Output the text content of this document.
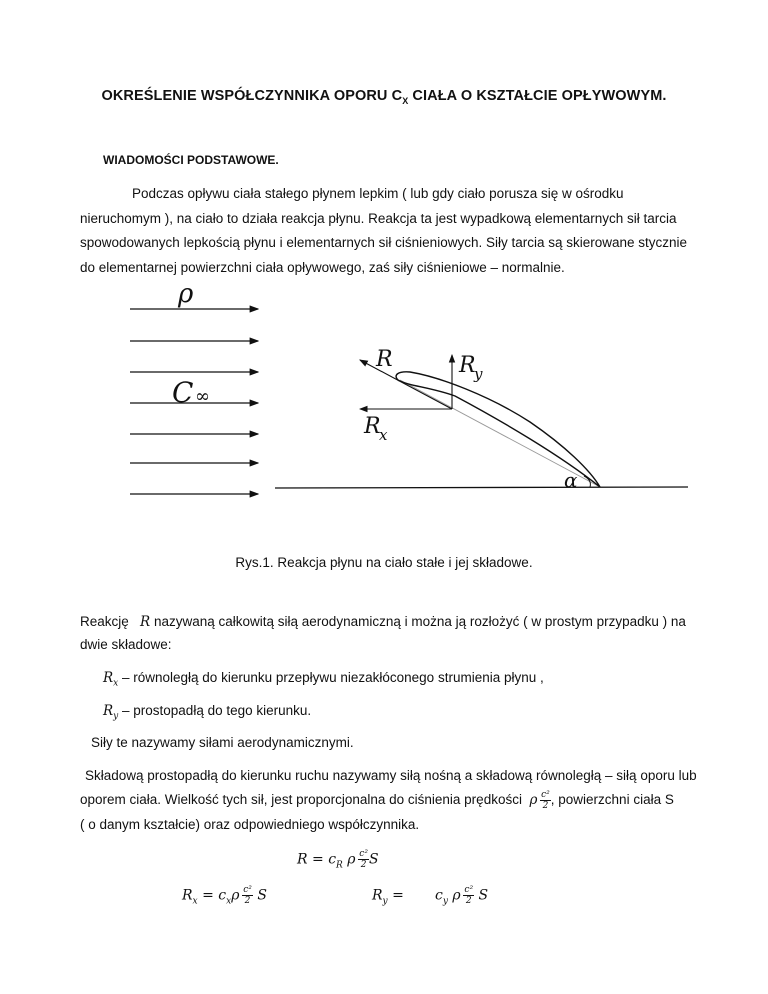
OKREŚLENIE WSPÓŁCZYNNIKA OPORU $C_X$ CIAŁA O KSZTAŁCIE OPŁYWOWYM.
WIADOMOŚCI PODSTAWOWE.

Podczas opływu ciała stałego płynem lepkim ( lub gdy ciało porusza się w ośrodku

nieruchomym ), na ciało to działa reakcja płynu. Reakcja ta jest wypadkową elementarnych sił tarcia

spowodowanych lepkością płynu i elementarnych sił ciśnieniowych. Siły tarcia są skierowane stycznie

do elementarnej powierzchni ciała opływowego, zaś siły ciśnieniowe – normalnie.

ρ
C ∞
R	R
y
R
x
α
Rys.1. Reakcja płynu na ciało stałe i jej składowe.
Reakcję R nazywaną całkowitą siłą aerodynamiczną i można ją rozłożyć ( w prostym przypadku ) na
dwie składowe:
$R_x$ – równoległą do kierunku przepływu niezakłóconego strumienia płynu ,
$R_y$ – prostopadłą do tego kierunku.
Siły te nazywamy siłami aerodynamicznymi.
Składową prostopadłą do kierunku ruchu nazywamy siłą nośną a składową równoległą – siłą oporu lub
oporem ciała. Wielkość tych sił, jest proporcjonalna do ciśnienia prędkości ρ  $\frac{\text{c²}}{2}$ , powierzchni ciała S
( o danym kształcie) oraz odpowiedniego współczynnika.
$R = c_R$ ρ  $\frac{\text{c²}}{2}$ S
$R_x = c_x\rho \frac{\text{c²}}{2}$ S	$R_y = c_y$ ρ  $\frac{\text{c²}}{2}$ S
